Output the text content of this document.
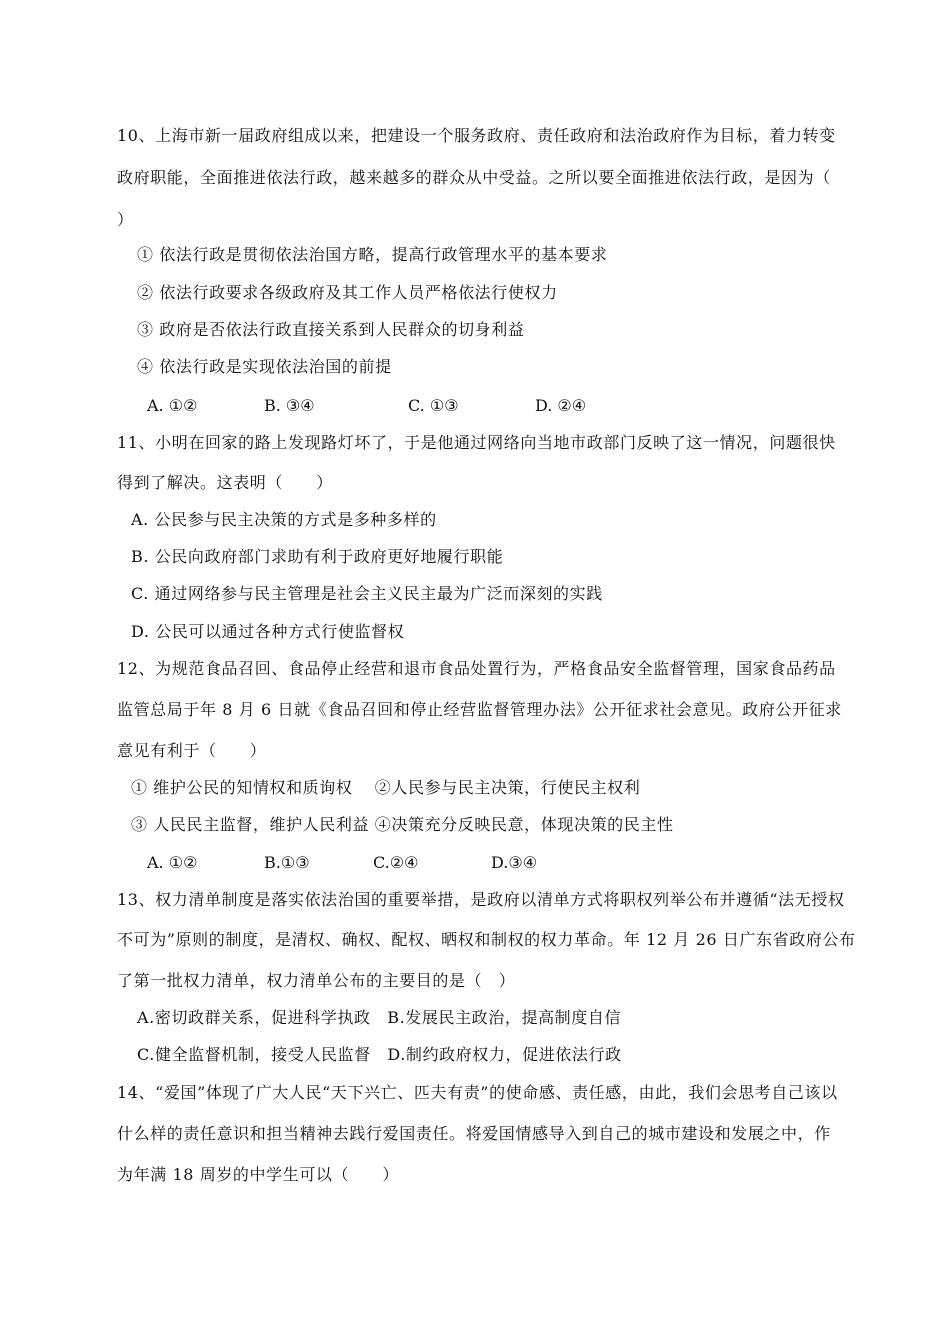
10、上海市新一届政府组成以来，把建设一个服务政府、责任政府和法治政府作为目标，着力转变
政府职能，全面推进依法行政，越来越多的群众从中受益。之所以要全面推进依法行政，是因为（
）
① 依法行政是贯彻依法治国方略，提高行政管理水平的基本要求
② 依法行政要求各级政府及其工作人员严格依法行使权力
③ 政府是否依法行政直接关系到人民群众的切身利益
④ 依法行政是实现依法治国的前提
A. ①②	B. ③④	C. ①③	D. ②④
11、小明在回家的路上发现路灯坏了，于是他通过网络向当地市政部门反映了这一情况，问题很快
得到了解决。这表明（　　）
A. 公民参与民主决策的方式是多种多样的
B. 公民向政府部门求助有利于政府更好地履行职能
C. 通过网络参与民主管理是社会主义民主最为广泛而深刻的实践
D. 公民可以通过各种方式行使监督权
12、为规范食品召回、食品停止经营和退市食品处置行为，严格食品安全监督管理，国家食品药品
监管总局于年 8 月 6 日就《食品召回和停止经营监督管理办法》公开征求社会意见。政府公开征求
意见有利于（　　）
① 维护公民的知情权和质询权　 ②人民参与民主决策，行使民主权利
③ 人民民主监督，维护人民利益 ④决策充分反映民意，体现决策的民主性
A. ①②	B.①③	C.②④	D.③④
13、权力清单制度是落实依法治国的重要举措，是政府以清单方式将职权列举公布并遵循“法无授权
不可为”原则的制度，是清权、确权、配权、晒权和制权的权力革命。年 12 月 26 日广东省政府公布
了第一批权力清单，权力清单公布的主要目的是（　）
A.密切政群关系，促进科学执政　B.发展民主政治，提高制度自信
C.健全监督机制，接受人民监督　D.制约政府权力，促进依法行政
14、“爱国”体现了广大人民“天下兴亡、匹夫有责”的使命感、责任感，由此，我们会思考自己该以
什么样的责任意识和担当精神去践行爱国责任。将爱国情感导入到自己的城市建设和发展之中，作
为年满 18 周岁的中学生可以（　　）
